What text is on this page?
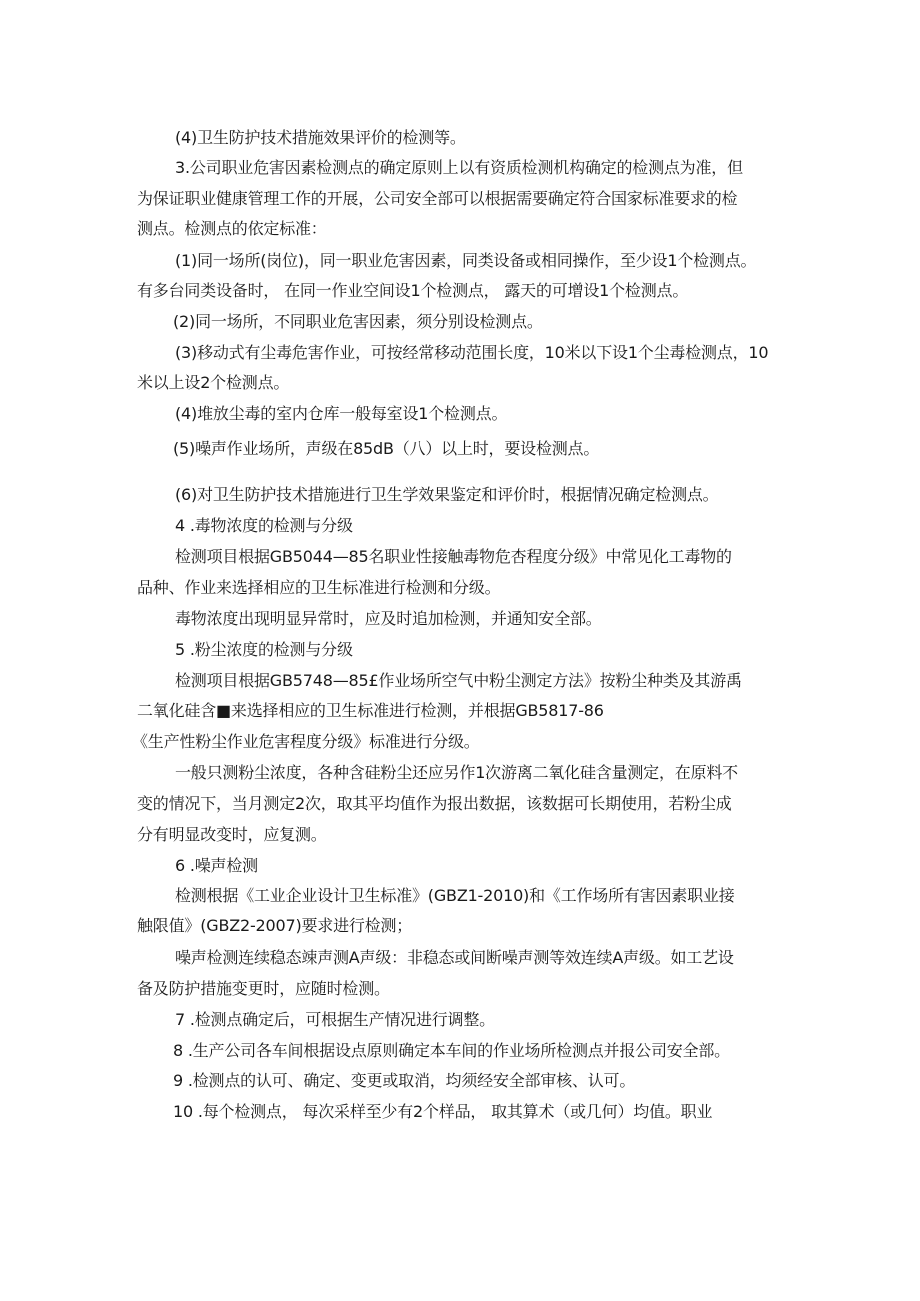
(4)卫生防护技术措施效果评价的检测等。

3.公司职业危害因素检测点的确定原则上以有资质检测机构确定的检测点为准，但

为保证职业健康管理工作的开展，公司安全部可以根据需要确定符合国家标准要求的检

测点。检测点的依定标准：

(1)同一场所(岗位)，同一职业危害因素，同类设备或相同操作，至少设1个检测点。

有多台同类设备时， 在同一作业空间设1个检测点， 露天的可增设1个检测点。

(2)同一场所，不同职业危害因素，须分别设检测点。

(3)移动式有尘毒危害作业，可按经常移动范围长度，10米以下设1个尘毒检测点，10

米以上设2个检测点。

(4)堆放尘毒的室内仓库一般每室设1个检测点。

(5)噪声作业场所，声级在85dB（八）以上时，要设检测点。

(6)对卫生防护技术措施进行卫生学效果鉴定和评价时，根据情况确定检测点。

4 .毒物浓度的检测与分级

检测项目根据GB5044—85名职业性接触毒物危杏程度分级》中常见化工毒物的

品种、作业来选择相应的卫生标准进行检测和分级。

毒物浓度出现明显异常时，应及时追加检测，并通知安全部。

5 .粉尘浓度的检测与分级

检测项目根据GB5748—85£作业场所空气中粉尘测定方法》按粉尘种类及其游禹

二氧化硅含■来选择相应的卫生标准进行检测，并根据GB5817-86

《生产性粉尘作业危害程度分级》标准进行分级。

一般只测粉尘浓度，各种含硅粉尘还应另作1次游离二氧化硅含量测定，在原料不

变的情况下，当月测定2次，取其平均值作为报出数据，该数据可长期使用，若粉尘成

分有明显改变时，应复测。

6 .噪声检测

检测根据《工业企业设计卫生标准》(GBZ1-2010)和《工作场所有害因素职业接

触限值》(GBZ2-2007)要求进行检测；

噪声检测连续稳态竦声测A声级：非稳态或间断噪声测等效连续A声级。如工艺设

备及防护措施变更时，应随时检测。

7 .检测点确定后，可根据生产情况进行调整。

8 .生产公司各车间根据设点原则确定本车间的作业场所检测点并报公司安全部。

9 .检测点的认可、确定、变更或取消，均须经安全部审核、认可。

10 .每个检测点， 每次采样至少有2个样品， 取其算术（或几何）均值。职业
